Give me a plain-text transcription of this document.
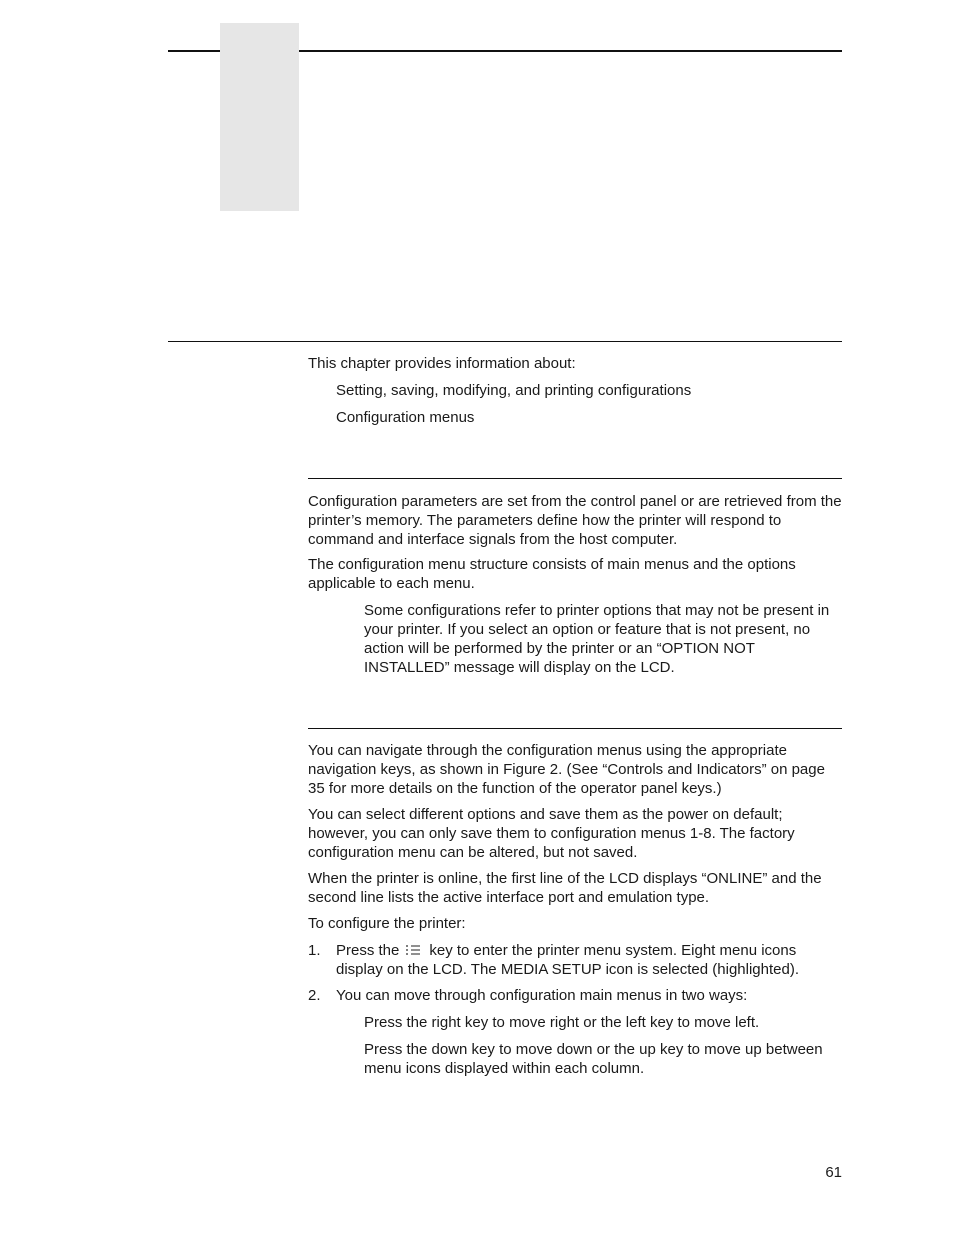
This chapter provides information about:

Setting, saving, modifying, and printing configurations

Configuration menus

Configuration parameters are set from the control panel or are retrieved from the printer’s memory. The parameters define how the printer will respond to command and interface signals from the host computer.

The configuration menu structure consists of main menus and the options applicable to each menu.

Some configurations refer to printer options that may not be present in your printer. If you select an option or feature that is not present, no action will be performed by the printer or an “OPTION NOT INSTALLED” message will display on the LCD.

You can navigate through the configuration menus using the appropriate navigation keys, as shown in Figure 2. (See “Controls and Indicators” on page 35 for more details on the function of the operator panel keys.)

You can select different options and save them as the power on default; however, you can only save them to configuration menus 1-8. The factory configuration menu can be altered, but not saved.

When the printer is online, the first line of the LCD displays “ONLINE” and the second line lists the active interface port and emulation type.

To configure the printer:

1. Press the key to enter the printer menu system. Eight menu icons display on the LCD. The MEDIA SETUP icon is selected (highlighted).

2. You can move through configuration main menus in two ways:

Press the right key to move right or the left key to move left.

Press the down key to move down or the up key to move up between menu icons displayed within each column.

61
